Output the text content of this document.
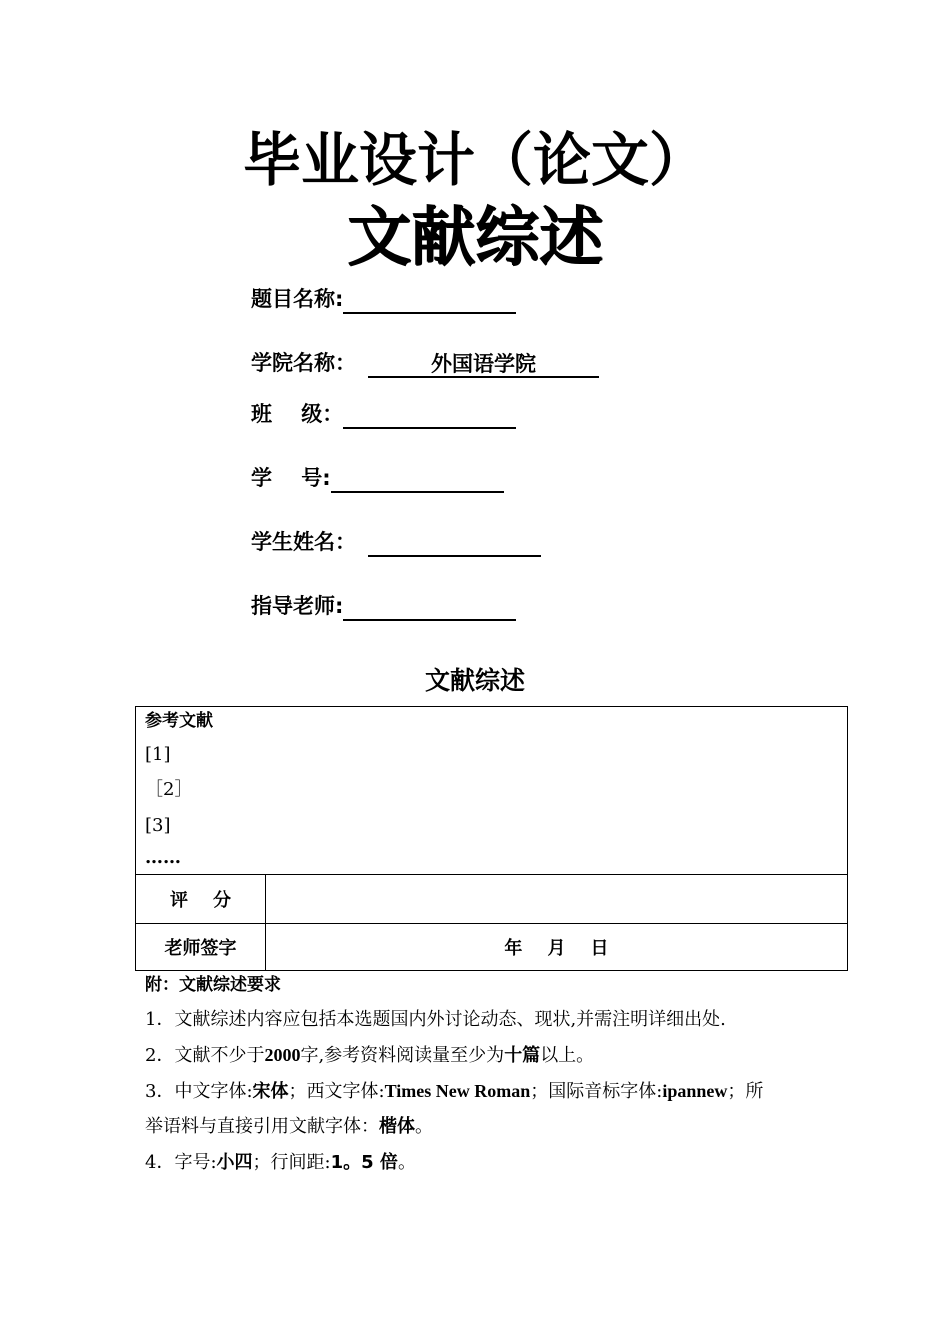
毕业设计（论文）
文献综述
题目名称:
学院名称：	外国语学院
班    级：
学    号:
学生姓名：
指导老师:
文献综述
参考文献
[1]
［2］
[3]
……
评    分
老师签字	年    月    日
附：文献综述要求
1．文献综述内容应包括本选题国内外讨论动态、现状,并需注明详细出处.
2．文献不少于2000字,参考资料阅读量至少为十篇以上。
3．中文字体:宋体；西文字体:Times New Roman；国际音标字体:ipannew；所
举语料与直接引用文献字体：楷体。
4．字号:小四；行间距:1。5 倍。
